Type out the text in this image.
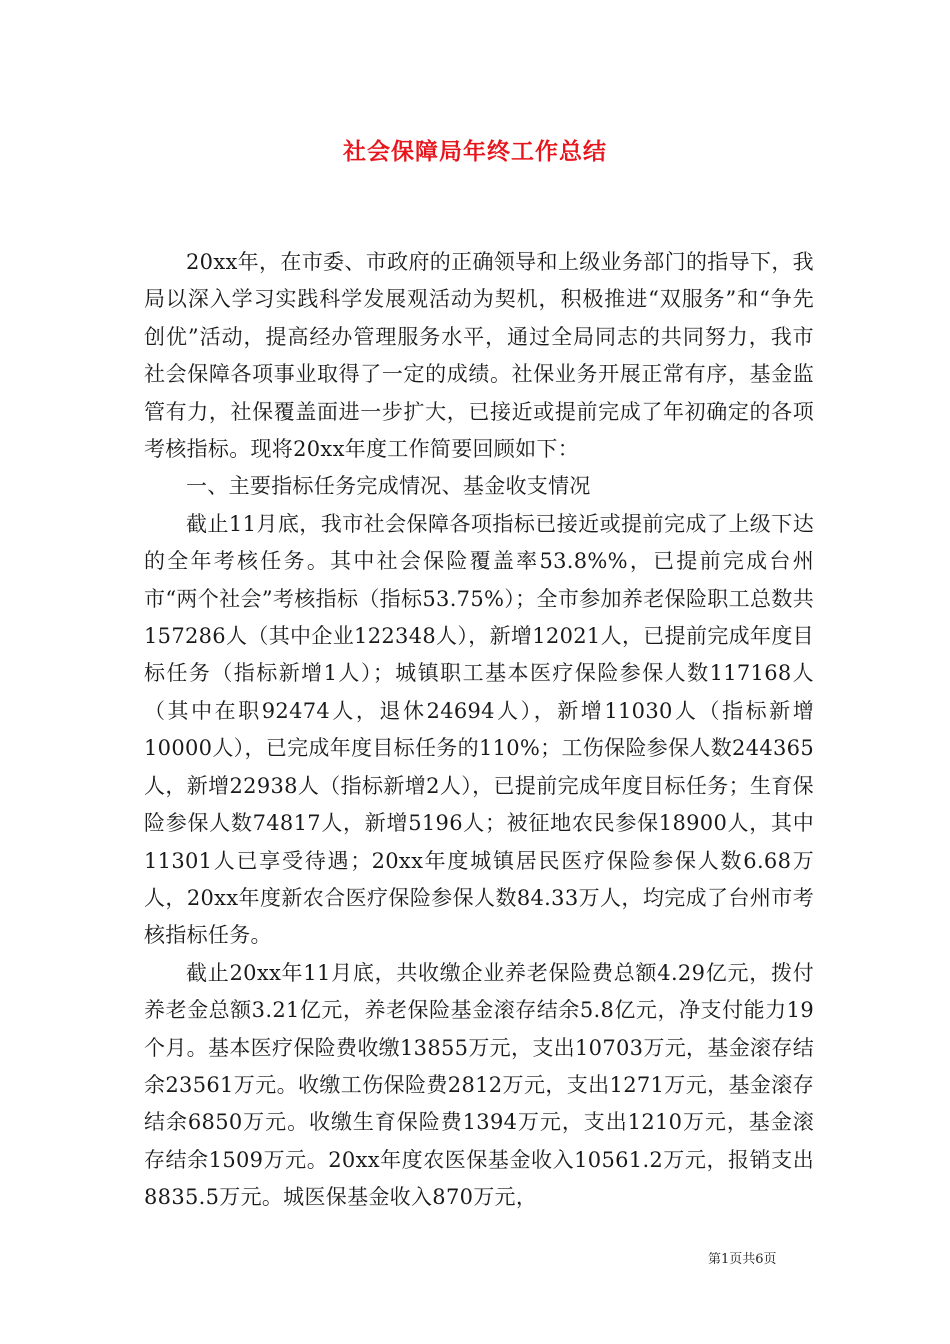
社会保障局年终工作总结

20xx年，在市委、市政府的正确领导和上级业务部门的指导下，我局以深入学习实践科学发展观活动为契机，积极推进“双服务”和“争先创优”活动，提高经办管理服务水平，通过全局同志的共同努力，我市社会保障各项事业取得了一定的成绩。社保业务开展正常有序，基金监管有力，社保覆盖面进一步扩大，已接近或提前完成了年初确定的各项考核指标。现将20xx年度工作简要回顾如下：

一、主要指标任务完成情况、基金收支情况

截止11月底，我市社会保障各项指标已接近或提前完成了上级下达的全年考核任务。其中社会保险覆盖率53.8%%，已提前完成台州市“两个社会”考核指标（指标53.75%）；全市参加养老保险职工总数共157286人（其中企业122348人），新增12021人，已提前完成年度目标任务（指标新增1人）；城镇职工基本医疗保险参保人数117168人（其中在职92474人，退休24694人），新增11030人（指标新增10000人），已完成年度目标任务的110%；工伤保险参保人数244365人，新增22938人（指标新增2人），已提前完成年度目标任务；生育保险参保人数74817人，新增5196人；被征地农民参保18900人，其中11301人已享受待遇；20xx年度城镇居民医疗保险参保人数6.68万人，20xx年度新农合医疗保险参保人数84.33万人，均完成了台州市考核指标任务。

截止20xx年11月底，共收缴企业养老保险费总额4.29亿元，拨付养老金总额3.21亿元，养老保险基金滚存结余5.8亿元，净支付能力19个月。基本医疗保险费收缴13855万元，支出10703万元，基金滚存结余23561万元。收缴工伤保险费2812万元，支出1271万元，基金滚存结余6850万元。收缴生育保险费1394万元，支出1210万元，基金滚存结余1509万元。20xx年度农医保基金收入10561.2万元，报销支出8835.5万元。城医保基金收入870万元，

第1页共6页
